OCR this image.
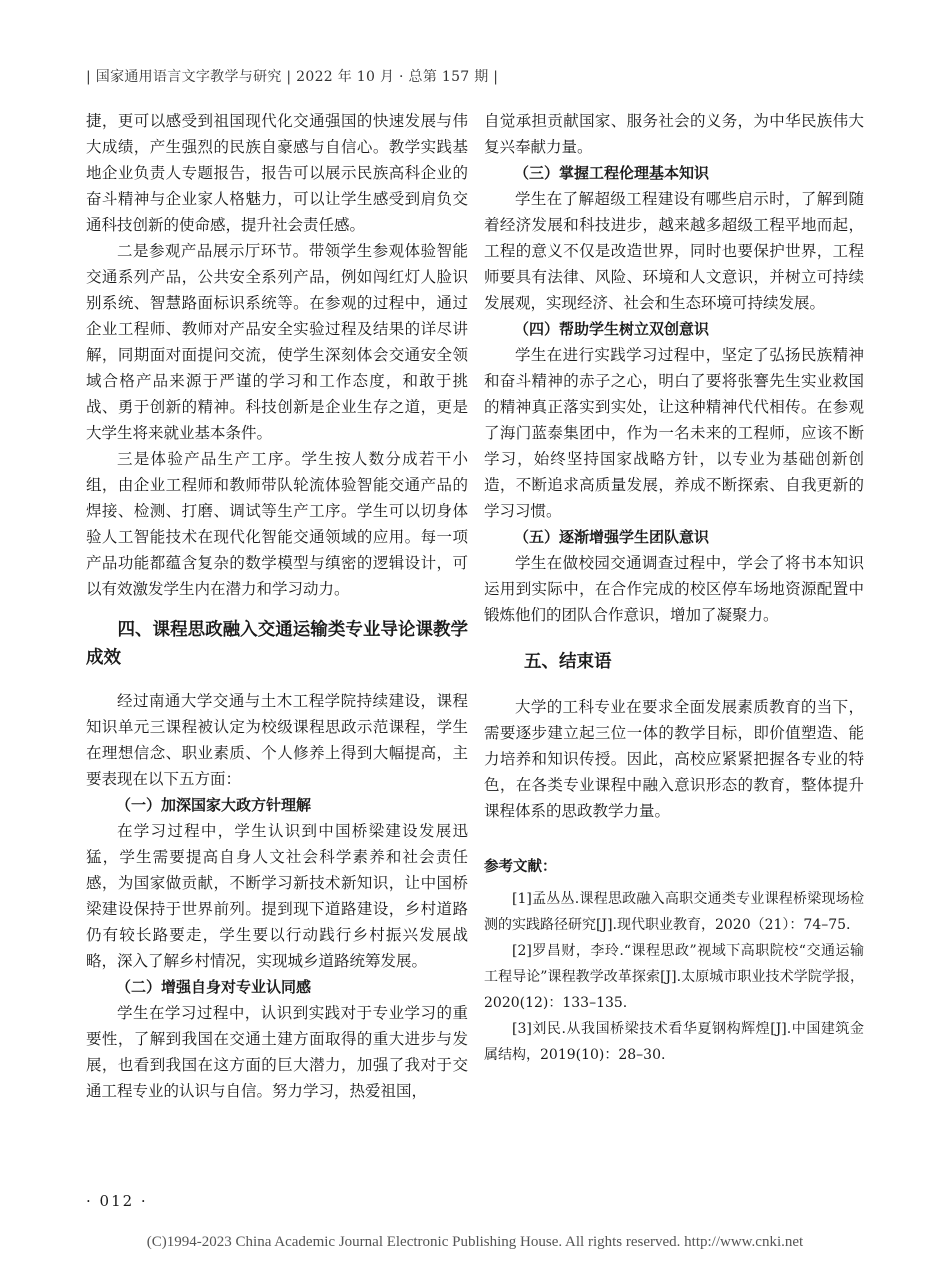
| 国家通用语言文字教学与研究 | 2022 年 10 月 · 总第 157 期 |

捷，更可以感受到祖国现代化交通强国的快速发展与伟大成绩，产生强烈的民族自豪感与自信心。教学实践基地企业负责人专题报告，报告可以展示民族高科企业的奋斗精神与企业家人格魅力，可以让学生感受到肩负交通科技创新的使命感，提升社会责任感。

二是参观产品展示厅环节。带领学生参观体验智能交通系列产品，公共安全系列产品，例如闯红灯人脸识别系统、智慧路面标识系统等。在参观的过程中，通过企业工程师、教师对产品安全实验过程及结果的详尽讲解，同期面对面提问交流，使学生深刻体会交通安全领域合格产品来源于严谨的学习和工作态度，和敢于挑战、勇于创新的精神。科技创新是企业生存之道，更是大学生将来就业基本条件。

三是体验产品生产工序。学生按人数分成若干小组，由企业工程师和教师带队轮流体验智能交通产品的焊接、检测、打磨、调试等生产工序。学生可以切身体验人工智能技术在现代化智能交通领域的应用。每一项产品功能都蕴含复杂的数学模型与缜密的逻辑设计，可以有效激发学生内在潜力和学习动力。

四、课程思政融入交通运输类专业导论课教学成效

经过南通大学交通与土木工程学院持续建设，课程知识单元三课程被认定为校级课程思政示范课程，学生在理想信念、职业素质、个人修养上得到大幅提高，主要表现在以下五方面：

（一）加深国家大政方针理解

在学习过程中，学生认识到中国桥梁建设发展迅猛，学生需要提高自身人文社会科学素养和社会责任感，为国家做贡献，不断学习新技术新知识，让中国桥梁建设保持于世界前列。提到现下道路建设，乡村道路仍有较长路要走，学生要以行动践行乡村振兴发展战略，深入了解乡村情况，实现城乡道路统筹发展。

（二）增强自身对专业认同感

学生在学习过程中，认识到实践对于专业学习的重要性，了解到我国在交通土建方面取得的重大进步与发展，也看到我国在这方面的巨大潜力，加强了我对于交通工程专业的认识与自信。努力学习，热爱祖国，

自觉承担贡献国家、服务社会的义务，为中华民族伟大复兴奉献力量。

（三）掌握工程伦理基本知识

学生在了解超级工程建设有哪些启示时，了解到随着经济发展和科技进步，越来越多超级工程平地而起，工程的意义不仅是改造世界，同时也要保护世界，工程师要具有法律、风险、环境和人文意识，并树立可持续发展观，实现经济、社会和生态环境可持续发展。

（四）帮助学生树立双创意识

学生在进行实践学习过程中，坚定了弘扬民族精神和奋斗精神的赤子之心，明白了要将张謇先生实业救国的精神真正落实到实处，让这种精神代代相传。在参观了海门蓝泰集团中，作为一名未来的工程师，应该不断学习，始终坚持国家战略方针，以专业为基础创新创造，不断追求高质量发展，养成不断探索、自我更新的学习习惯。

（五）逐渐增强学生团队意识

学生在做校园交通调查过程中，学会了将书本知识运用到实际中，在合作完成的校区停车场地资源配置中锻炼他们的团队合作意识，增加了凝聚力。

五、结束语

大学的工科专业在要求全面发展素质教育的当下，需要逐步建立起三位一体的教学目标，即价值塑造、能力培养和知识传授。因此，高校应紧紧把握各专业的特色，在各类专业课程中融入意识形态的教育，整体提升课程体系的思政教学力量。

参考文献：

[1]孟丛丛.课程思政融入高职交通类专业课程桥梁现场检测的实践路径研究[J].现代职业教育，2020（21）：74–75.

[2]罗昌财，李玲.“课程思政”视域下高职院校“交通运输工程导论”课程教学改革探索[J].太原城市职业技术学院学报，2020(12)：133–135.

[3]刘民.从我国桥梁技术看华夏钢构辉煌[J].中国建筑金属结构，2019(10)：28–30.

· 012 ·
(C)1994-2023 China Academic Journal Electronic Publishing House. All rights reserved. http://www.cnki.net
